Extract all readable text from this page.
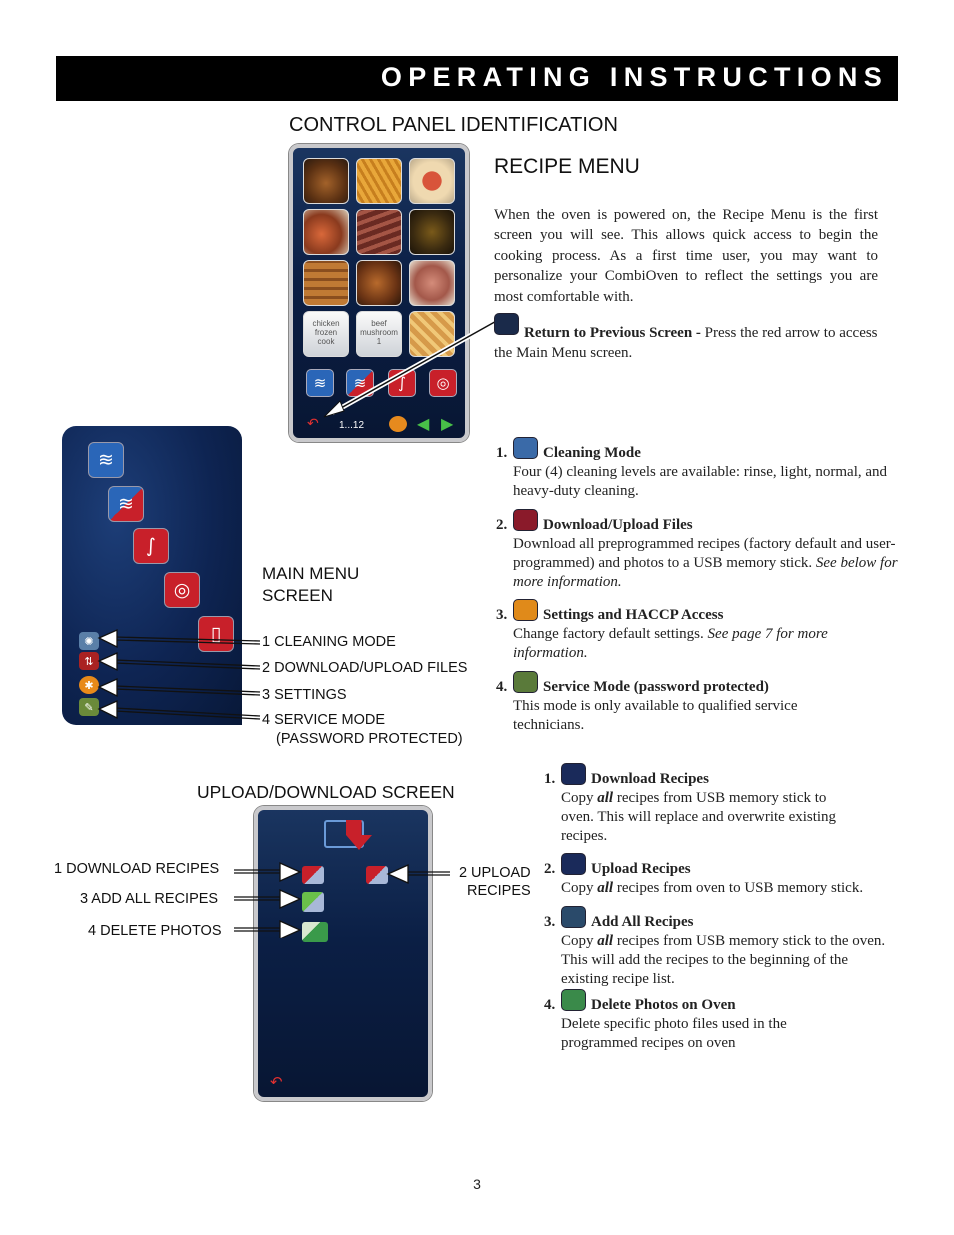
OPERATING INSTRUCTIONS
CONTROL PANEL IDENTIFICATION
chicken
frozen
cook
beef
mushroom
1
≋	≋	∫	◎
↶ 1...12	◀ ▶
RECIPE MENU
When the oven is powered on, the Recipe Menu is the first screen you will see. This allows quick access to begin the cooking process. As a first time user, you may want to personalize your CombiOven to reflect the settings you are most comfortable with.
Return to Previous Screen - Press the red arrow to access the Main Menu screen.
≋
≋
∫
◎
▯
✺
⇅
✱
✎
MAIN MENU
SCREEN
1 CLEANING MODE
2 DOWNLOAD/UPLOAD FILES
3 SETTINGS
4 SERVICE MODE
(PASSWORD PROTECTED)
1. Cleaning Mode
Four (4) cleaning levels are available: rinse, light, normal, and heavy-duty cleaning.
2. Download/Upload Files
Download all preprogrammed recipes (factory default and user-programmed) and photos to a USB memory stick. See below for more information.
3. Settings and HACCP Access
Change factory default settings. See page 7 for more information.
4. Service Mode (password protected)
This mode is only available to qualified service technicians.
UPLOAD/DOWNLOAD SCREEN
↶
1 DOWNLOAD RECIPES
3 ADD ALL RECIPES
4 DELETE PHOTOS
2 UPLOAD
RECIPES
1. Download Recipes
Copy all recipes from USB memory stick to oven. This will replace and overwrite existing recipes.
2. Upload Recipes
Copy all recipes from oven to USB memory stick.
3. Add All Recipes
Copy all recipes from USB memory stick to the oven. This will add the recipes to the beginning of the existing recipe list.
4. Delete Photos on Oven
Delete specific photo files used in the programmed recipes on oven
3
